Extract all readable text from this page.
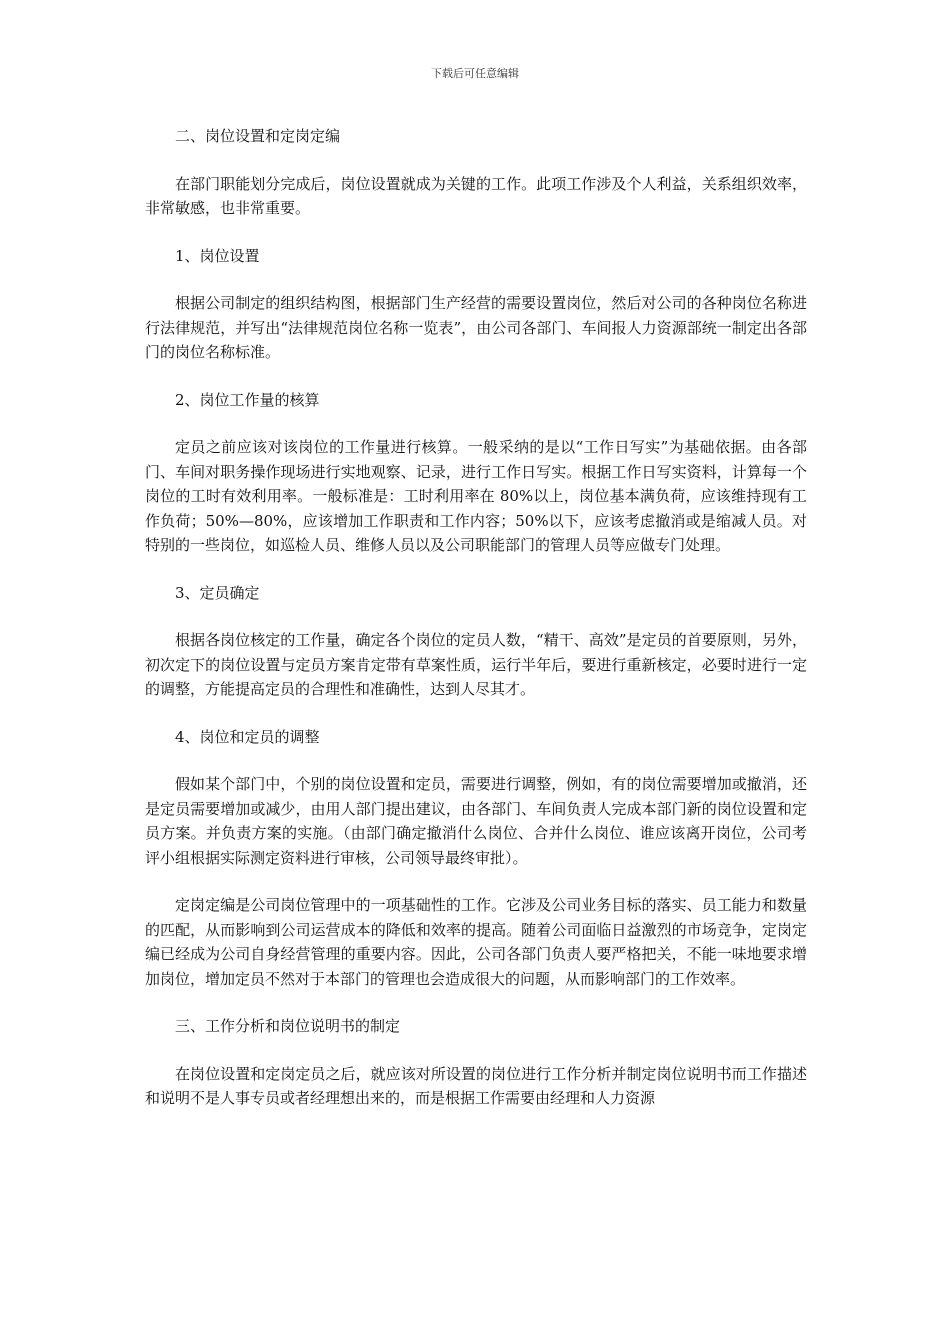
下载后可任意编辑
二、岗位设置和定岗定编
在部门职能划分完成后，岗位设置就成为关键的工作。此项工作涉及个人利益，关系组织效率，非常敏感，也非常重要。
1、岗位设置
根据公司制定的组织结构图，根据部门生产经营的需要设置岗位，然后对公司的各种岗位名称进行法律规范，并写出“法律规范岗位名称一览表”，由公司各部门、车间报人力资源部统一制定出各部门的岗位名称标准。
2、岗位工作量的核算
定员之前应该对该岗位的工作量进行核算。一般采纳的是以“工作日写实”为基础依据。由各部门、车间对职务操作现场进行实地观察、记录，进行工作日写实。根据工作日写实资料，计算每一个岗位的工时有效利用率。一般标准是：工时利用率在 80%以上，岗位基本满负荷，应该维持现有工作负荷；50%—80%，应该增加工作职责和工作内容；50%以下，应该考虑撤消或是缩减人员。对特别的一些岗位，如巡检人员、维修人员以及公司职能部门的管理人员等应做专门处理。
3、定员确定
根据各岗位核定的工作量，确定各个岗位的定员人数，“精干、高效”是定员的首要原则，另外，初次定下的岗位设置与定员方案肯定带有草案性质，运行半年后，要进行重新核定，必要时进行一定的调整，方能提高定员的合理性和准确性，达到人尽其才。
4、岗位和定员的调整
假如某个部门中，个别的岗位设置和定员，需要进行调整，例如，有的岗位需要增加或撤消，还是定员需要增加或减少，由用人部门提出建议，由各部门、车间负责人完成本部门新的岗位设置和定员方案。并负责方案的实施。（由部门确定撤消什么岗位、合并什么岗位、谁应该离开岗位，公司考评小组根据实际测定资料进行审核，公司领导最终审批）。
定岗定编是公司岗位管理中的一项基础性的工作。它涉及公司业务目标的落实、员工能力和数量的匹配，从而影响到公司运营成本的降低和效率的提高。随着公司面临日益激烈的市场竞争，定岗定编已经成为公司自身经营管理的重要内容。因此，公司各部门负责人要严格把关，不能一味地要求增加岗位，增加定员不然对于本部门的管理也会造成很大的问题，从而影响部门的工作效率。
三、工作分析和岗位说明书的制定
在岗位设置和定岗定员之后，就应该对所设置的岗位进行工作分析并制定岗位说明书而工作描述和说明不是人事专员或者经理想出来的，而是根据工作需要由经理和人力资源
